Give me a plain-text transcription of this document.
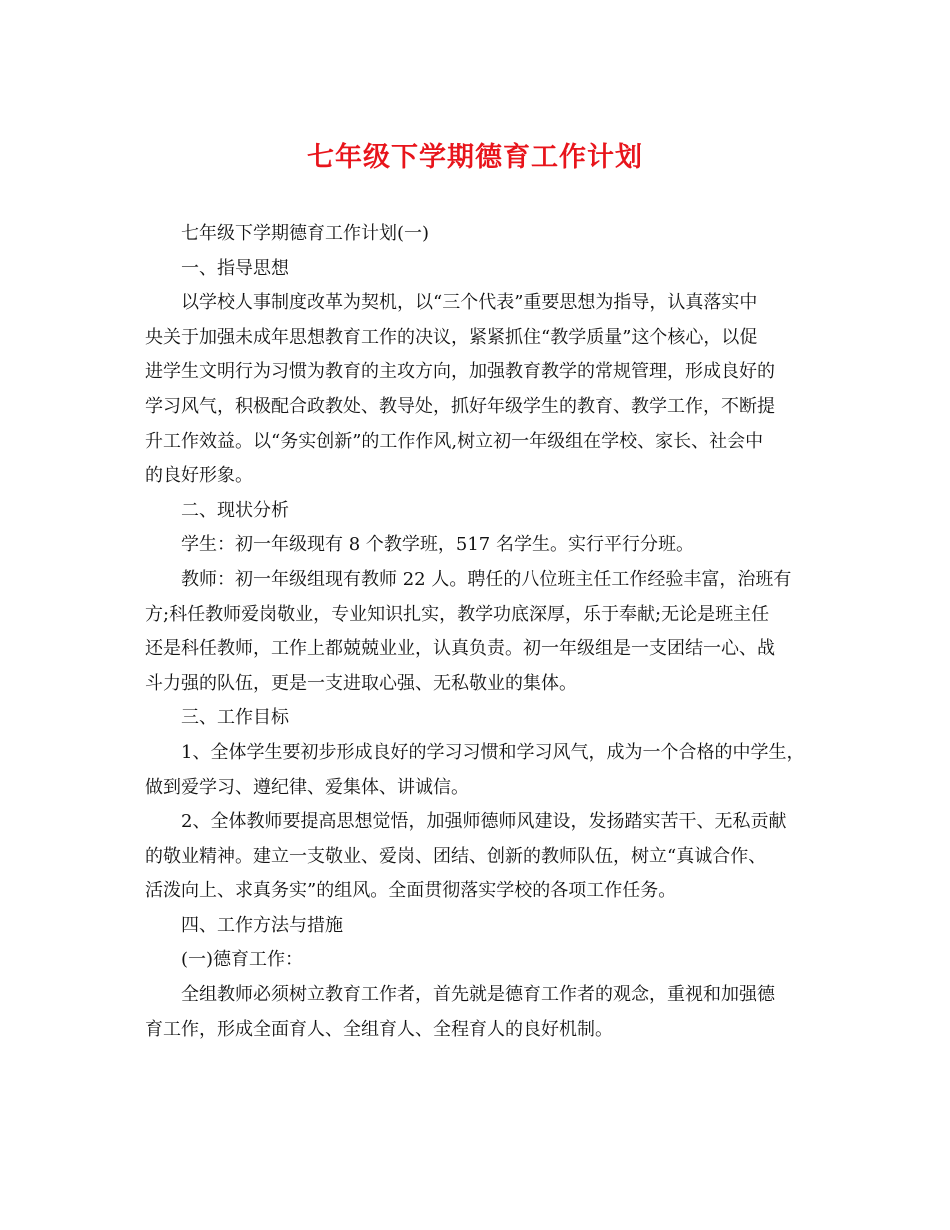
七年级下学期德育工作计划
七年级下学期德育工作计划(一)
一、指导思想
以学校人事制度改革为契机，以“三个代表”重要思想为指导，认真落实中
央关于加强未成年思想教育工作的决议，紧紧抓住“教学质量”这个核心，以促
进学生文明行为习惯为教育的主攻方向，加强教育教学的常规管理，形成良好的
学习风气，积极配合政教处、教导处，抓好年级学生的教育、教学工作，不断提
升工作效益。以“务实创新”的工作作风,树立初一年级组在学校、家长、社会中
的良好形象。
二、现状分析
学生：初一年级现有 8 个教学班，517 名学生。实行平行分班。
教师：初一年级组现有教师 22 人。聘任的八位班主任工作经验丰富，治班有
方;科任教师爱岗敬业，专业知识扎实，教学功底深厚，乐于奉献;无论是班主任
还是科任教师，工作上都兢兢业业，认真负责。初一年级组是一支团结一心、战
斗力强的队伍，更是一支进取心强、无私敬业的集体。
三、工作目标
1、全体学生要初步形成良好的学习习惯和学习风气，成为一个合格的中学生，
做到爱学习、遵纪律、爱集体、讲诚信。
2、全体教师要提高思想觉悟，加强师德师风建设，发扬踏实苦干、无私贡献
的敬业精神。建立一支敬业、爱岗、团结、创新的教师队伍，树立“真诚合作、
活泼向上、求真务实”的组风。全面贯彻落实学校的各项工作任务。
四、工作方法与措施
(一)德育工作：
全组教师必须树立教育工作者，首先就是德育工作者的观念，重视和加强德
育工作，形成全面育人、全组育人、全程育人的良好机制。
